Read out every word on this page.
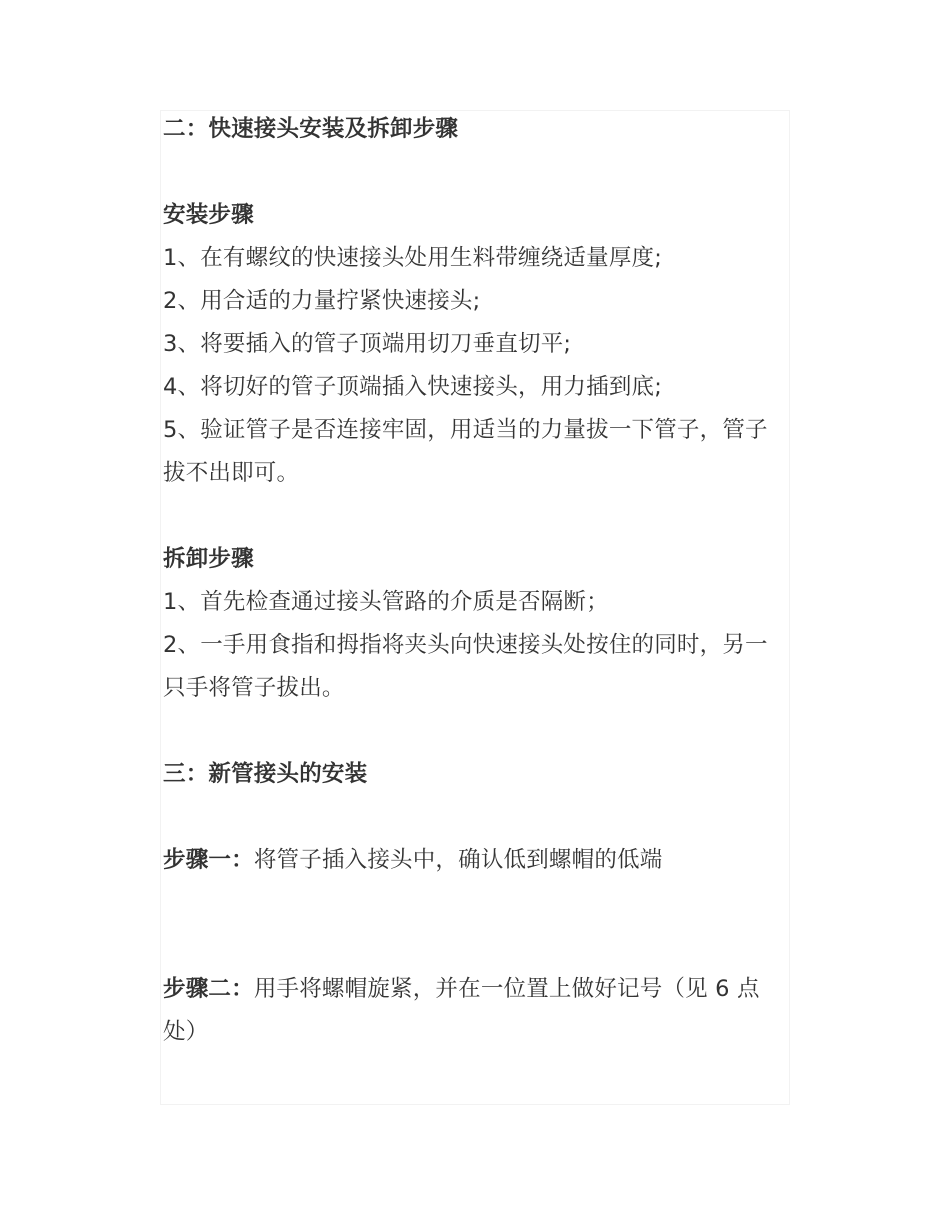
二：快速接头安装及拆卸步骤

安装步骤

1、在有螺纹的快速接头处用生料带缠绕适量厚度;

2、用合适的力量拧紧快速接头;

3、将要插入的管子顶端用切刀垂直切平;

4、将切好的管子顶端插入快速接头，用力插到底;

5、验证管子是否连接牢固，用适当的力量拔一下管子，管子拔不出即可。

拆卸步骤

1、首先检查通过接头管路的介质是否隔断；

2、一手用食指和拇指将夹头向快速接头处按住的同时，另一只手将管子拔出。

三：新管接头的安装

步骤一：将管子插入接头中，确认低到螺帽的低端

步骤二：用手将螺帽旋紧，并在一位置上做好记号（见 6 点处）
